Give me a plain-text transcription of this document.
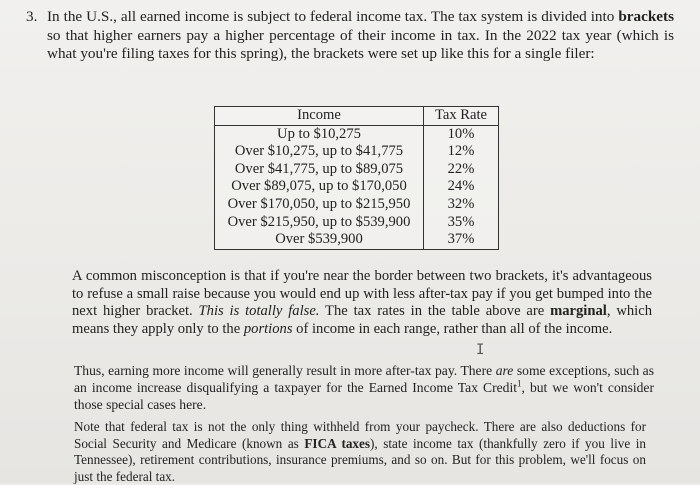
3. In the U.S., all earned income is subject to federal income tax. The tax system is divided into brackets so that higher earners pay a higher percentage of their income in tax. In the 2022 tax year (which is what you're filing taxes for this spring), the brackets were set up like this for a single filer:
Income	Tax Rate
Up to $10,275	10%
Over $10,275, up to $41,775	12%
Over $41,775, up to $89,075	22%
Over $89,075, up to $170,050	24%
Over $170,050, up to $215,950	32%
Over $215,950, up to $539,900	35%
Over $539,900	37%
A common misconception is that if you're near the border between two brackets, it's advantageous to refuse a small raise because you would end up with less after-tax pay if you get bumped into the next higher bracket. This is totally false. The tax rates in the table above are marginal, which means they apply only to the portions of income in each range, rather than all of the income.
I
Thus, earning more income will generally result in more after-tax pay. There are some exceptions, such as an income increase disqualifying a taxpayer for the Earned Income Tax Credit$^1$, but we won't consider those special cases here.
Note that federal tax is not the only thing withheld from your paycheck. There are also deductions for Social Security and Medicare (known as FICA taxes), state income tax (thankfully zero if you live in Tennessee), retirement contributions, insurance premiums, and so on. But for this problem, we'll focus on just the federal tax.
